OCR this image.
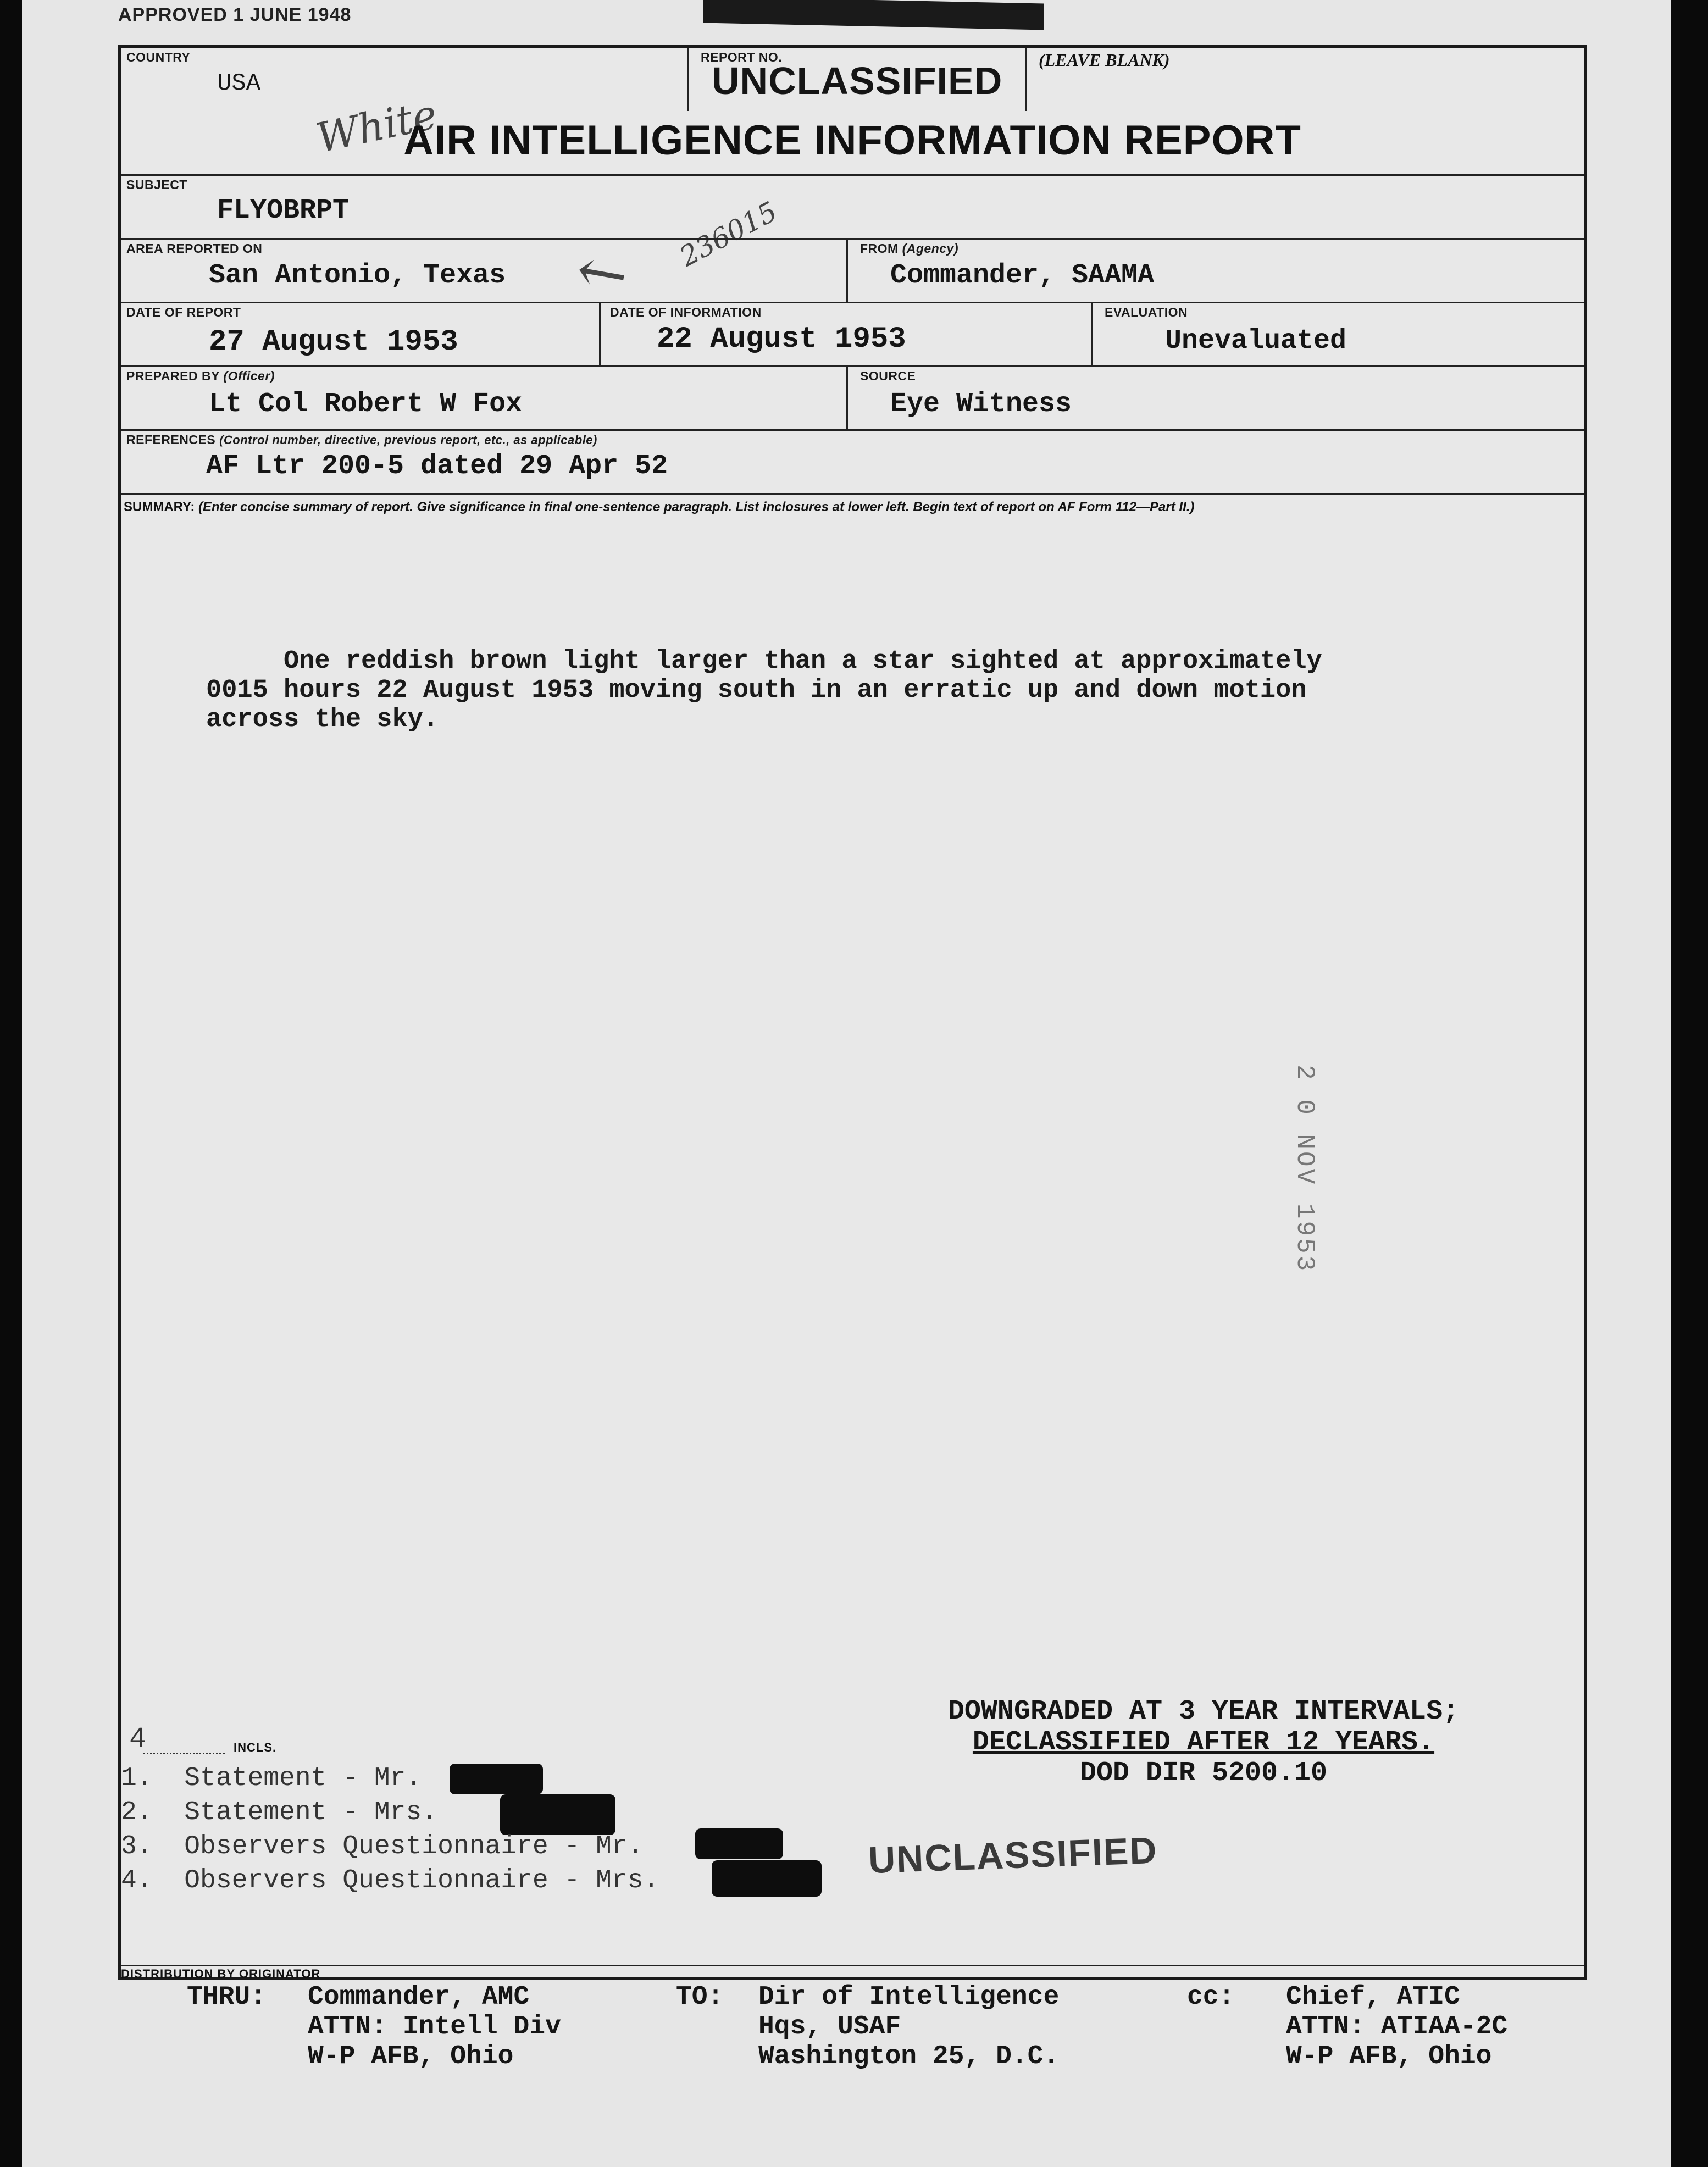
APPROVED 1 JUNE 1948
COUNTRY
USA
REPORT NO.
UNCLASSIFIED (LEAVE BLANK)
White
AIR INTELLIGENCE INFORMATION REPORT
SUBJECT
FLYOBRPT	236015
←
AREA REPORTED ON
San Antonio, Texas
FROM (Agency)
Commander, SAAMA
DATE OF REPORT
27 August 1953
DATE OF INFORMATION
22 August 1953
EVALUATION
Unevaluated
PREPARED BY (Officer)
Lt Col Robert W Fox
SOURCE
Eye Witness
REFERENCES (Control number, directive, previous report, etc., as applicable)
AF Ltr 200-5 dated 29 Apr 52
SUMMARY: (Enter concise summary of report. Give significance in final one-sentence paragraph. List inclosures at lower left. Begin text of report on AF Form 112—Part II.)
One reddish brown light larger than a star sighted at approximately
0015 hours 22 August 1953 moving south in an erratic up and down motion
across the sky.
2 0 NOV 1953
DOWNGRADED AT 3 YEAR INTERVALS;
DECLASSIFIED AFTER 12 YEARS.
DOD DIR 5200.10
4	INCLS.
1.  Statement - Mr.
2.  Statement - Mrs.
3.  Observers Questionnaire - Mr.
4.  Observers Questionnaire - Mrs.	UNCLASSIFIED
DISTRIBUTION BY ORIGINATOR
THRU: Commander, AMC
ATTN: Intell Div
W-P AFB, Ohio
TO: Dir of Intelligence
Hqs, USAF
Washington 25, D.C.
cc: Chief, ATIC
ATTN: ATIAA-2C
W-P AFB, Ohio
